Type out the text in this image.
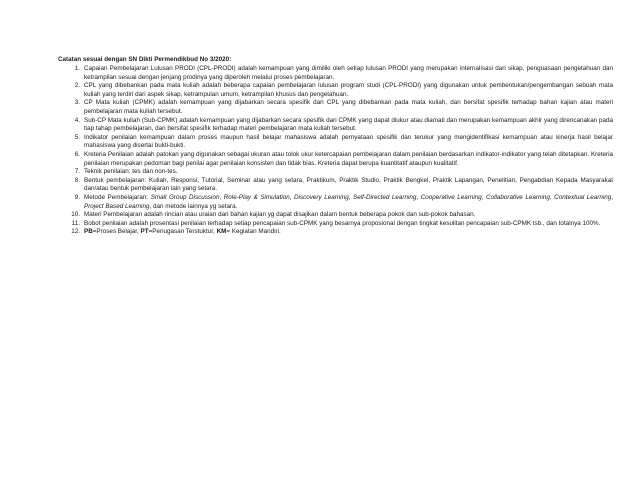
Catatan sesuai dengan SN Dikti Permendikbud No 3/2020:
1. Capaian Pembelajaran Lulusan PRODI (CPL-PRODI) adalah kemampuan yang dimiliki oleh setiap lulusan PRODI yang merupakan internalisasi dari sikap, penguasaan pengetahuan dan ketrampilan sesuai dengan jenjang prodinya yang diperoleh melalui proses pembelajaran.
2. CPL yang dibebankan pada mata kuliah adalah beberapa capaian pembelajaran lulusan program studi (CPL-PRODI) yang digunakan untuk pembentukan/pengembangan sebuah mata kuliah yang terdiri dari aspek sikap, ketrampulan umum, ketrampilan khusus dan pengetahuan.
3. CP Mata kuliah (CPMK) adalah kemampuan yang dijabarkan secara spesifik dari CPL yang dibebankan pada mata kuliah, dan bersifat spesifik terhadap bahan kajian atau materi pembelajaran mata kuliah tersebut.
4. Sub-CP Mata kuliah (Sub-CPMK) adalah kemampuan yang dijabarkan secara spesifik dari CPMK yang dapat diukur atau diamati dan merupakan kemampuan akhir yang direncanakan pada tiap tahap pembelajaran, dan bersifat spesifik terhadap materi pembelajaran mata kuliah tersebut.
5. Indikator penilaian kemampuan dalam proses maupun hasil belajar mahasiswa adalah pernyataan spesifik dan terukur yang mengidentifikasi kemampuan atau kinerja hasil belajar mahasiswa yang disertai bukti-bukti.
6. Kreteria Penilaian adalah patokan yang digunakan sebagai ukuran atau tolok ukur ketercapaian pembelajaran dalam penilaian berdasarkan indikator-indikator yang telah ditetapkan. Kreteria penilaian merupakan pedoman bagi penilai agar penilaian konsisten dan tidak bias. Kreteria dapat berupa kuantitatif ataupun kualitatif.
7. Teknik penilaian: tes dan non-tes.
8. Bentuk pembelajaran: Kuliah, Responsi, Tutorial, Seminar atau yang setara, Praktikum, Praktik Studio, Praktik Bengkel, Praktik Lapangan, Penelitian, Pengabdian Kepada Masyarakat dan/atau bentuk pembelajaran lain yang setara.
9. Metode Pembelajaran: Small Group Discussion, Role-Play & Simulation, Discovery Learning, Self-Directed Learning, Cooperative Learning, Collaborative Learning, Contextual Learning, Project Based Learning, dan metode lainnya yg setara.
10. Materi Pembelajaran adalah rincian atau uraian dari bahan kajian yg dapat disajikan dalam bentuk beberapa pokok dan sub-pokok bahasan.
11. Bobot penilaian adalah prosentasi penilaian terhadap setiap pencapaian sub-CPMK yang besarnya proposional dengan tingkat kesulitan pencapaian sub-CPMK tsb., dan totalnya 100%.
12. PB=Proses Belajar, PT=Penugasan Terstuktur, KM= Kegiatan Mandiri.
